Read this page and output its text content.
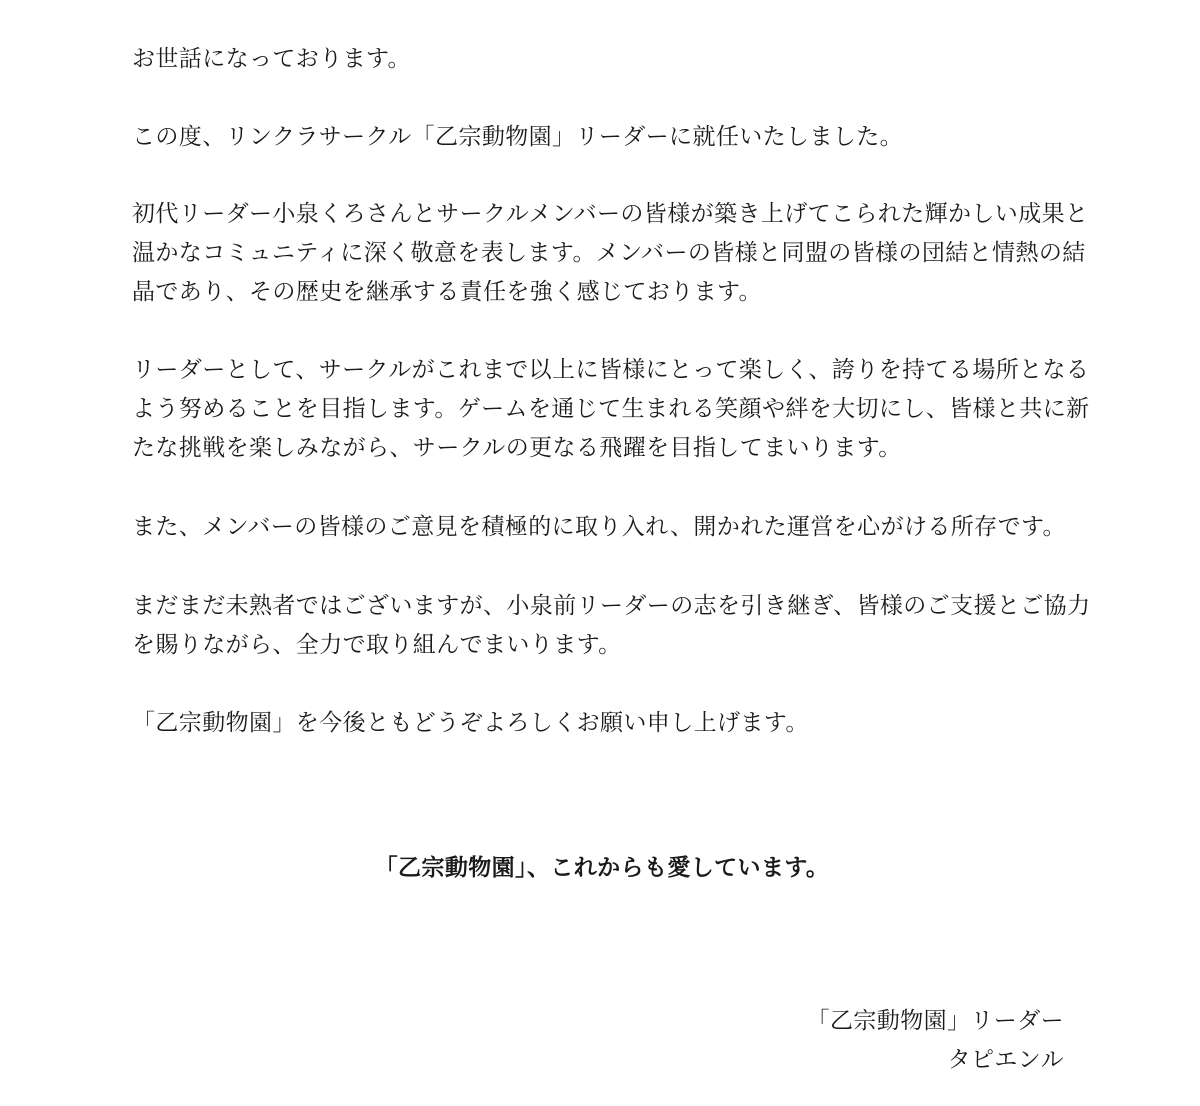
お世話になっております。

この度、リンクラサークル「乙宗動物園」リーダーに就任いたしました。

初代リーダー小泉くろさんとサークルメンバーの皆様が築き上げてこられた輝かしい成果と
温かなコミュニティに深く敬意を表します。メンバーの皆様と同盟の皆様の団結と情熱の結
晶であり、その歴史を継承する責任を強く感じております。

リーダーとして、サークルがこれまで以上に皆様にとって楽しく、誇りを持てる場所となる
よう努めることを目指します。ゲームを通じて生まれる笑顔や絆を大切にし、皆様と共に新
たな挑戦を楽しみながら、サークルの更なる飛躍を目指してまいります。

また、メンバーの皆様のご意見を積極的に取り入れ、開かれた運営を心がける所存です。

まだまだ未熟者ではございますが、小泉前リーダーの志を引き継ぎ、皆様のご支援とご協力
を賜りながら、全力で取り組んでまいります。

「乙宗動物園」を今後ともどうぞよろしくお願い申し上げます。

「乙宗動物園」、これからも愛しています。
「乙宗動物園」リーダー
タピエンル
